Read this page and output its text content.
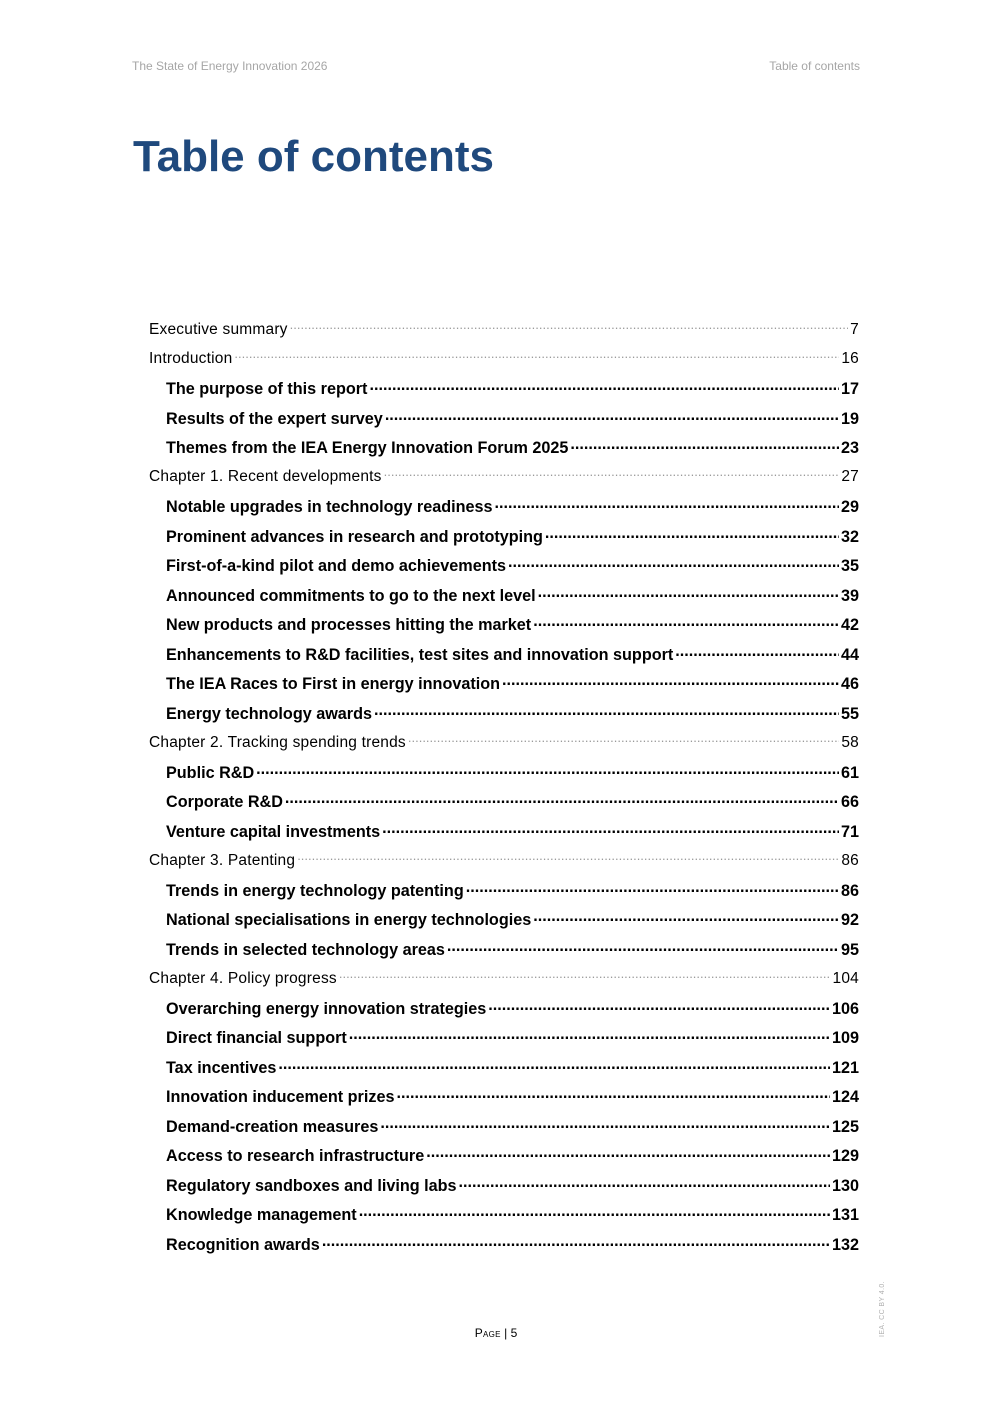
The State of Energy Innovation 2026	Table of contents
Table of contents
Executive summary .....	7
Introduction .....	16
The purpose of this report .....	17
Results of the expert survey .....	19
Themes from the IEA Energy Innovation Forum 2025 .....	23
Chapter 1. Recent developments .....	27
Notable upgrades in technology readiness .....	29
Prominent advances in research and prototyping .....	32
First-of-a-kind pilot and demo achievements .....	35
Announced commitments to go to the next level .....	39
New products and processes hitting the market .....	42
Enhancements to R&D facilities, test sites and innovation support .....	44
The IEA Races to First in energy innovation .....	46
Energy technology awards .....	55
Chapter 2. Tracking spending trends .....	58
Public R&D .....	61
Corporate R&D .....	66
Venture capital investments .....	71
Chapter 3. Patenting .....	86
Trends in energy technology patenting .....	86
National specialisations in energy technologies .....	92
Trends in selected technology areas .....	95
Chapter 4. Policy progress .....	104
Overarching energy innovation strategies .....	106
Direct financial support .....	109
Tax incentives .....	121
Innovation inducement prizes .....	124
Demand-creation measures .....	125
Access to research infrastructure .....	129
Regulatory sandboxes and living labs .....	130
Knowledge management .....	131
Recognition awards .....	132
Page | 5	IEA. CC BY 4.0.
